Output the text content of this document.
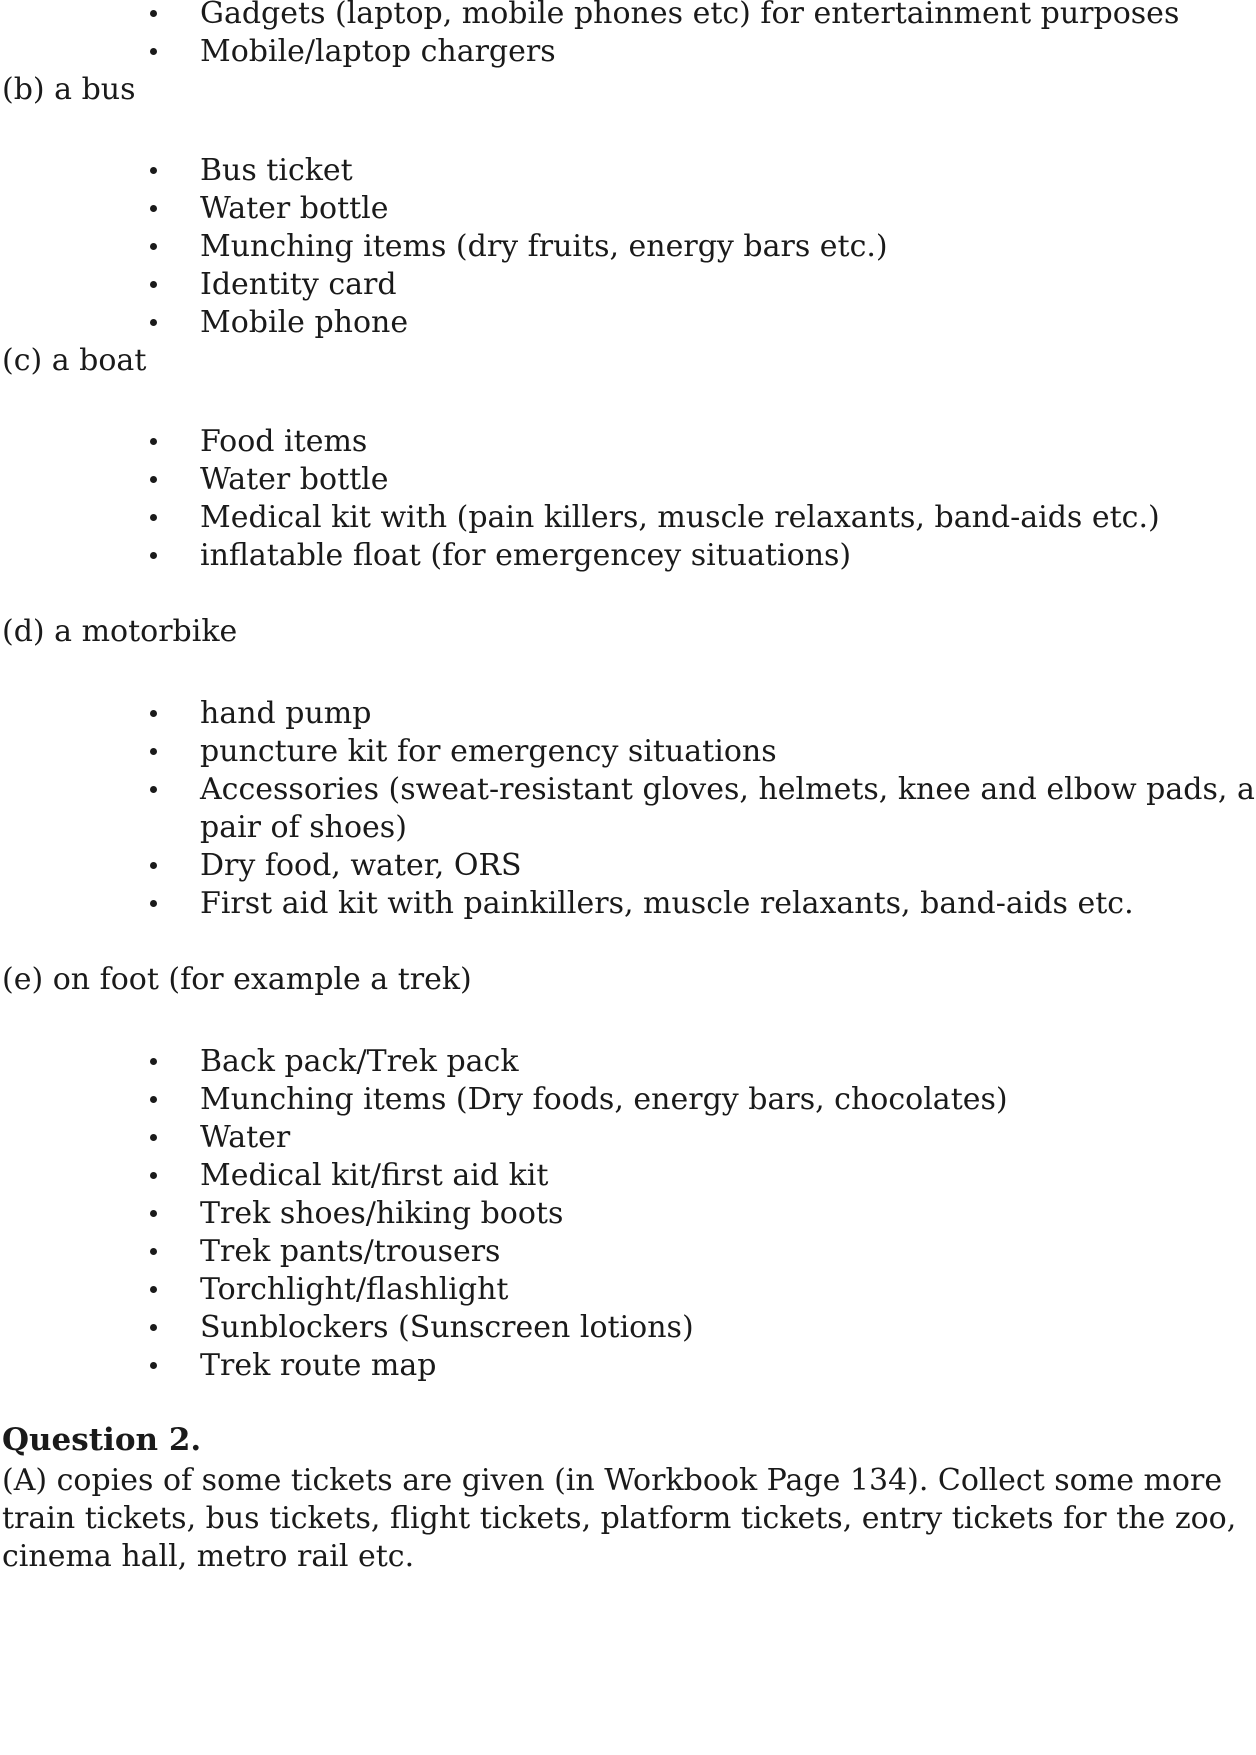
Gadgets (laptop, mobile phones etc) for entertainment purposes
Mobile/laptop chargers
(b) a bus
Bus ticket
Water bottle
Munching items (dry fruits, energy bars etc.)
Identity card
Mobile phone
(c) a boat
Food items
Water bottle
Medical kit with (pain killers, muscle relaxants, band-aids etc.)
inflatable float (for emergencey situations)
(d) a motorbike
hand pump
puncture kit for emergency situations
Accessories (sweat-resistant gloves, helmets, knee and elbow pads, a
pair of shoes)
Dry food, water, ORS
First aid kit with painkillers, muscle relaxants, band-aids etc.
(e) on foot (for example a trek)
Back pack/Trek pack
Munching items (Dry foods, energy bars, chocolates)
Water
Medical kit/first aid kit
Trek shoes/hiking boots
Trek pants/trousers
Torchlight/flashlight
Sunblockers (Sunscreen lotions)
Trek route map
Question 2.
(A) copies of some tickets are given (in Workbook Page 134). Collect some more
train tickets, bus tickets, flight tickets, platform tickets, entry tickets for the zoo,
cinema hall, metro rail etc.
